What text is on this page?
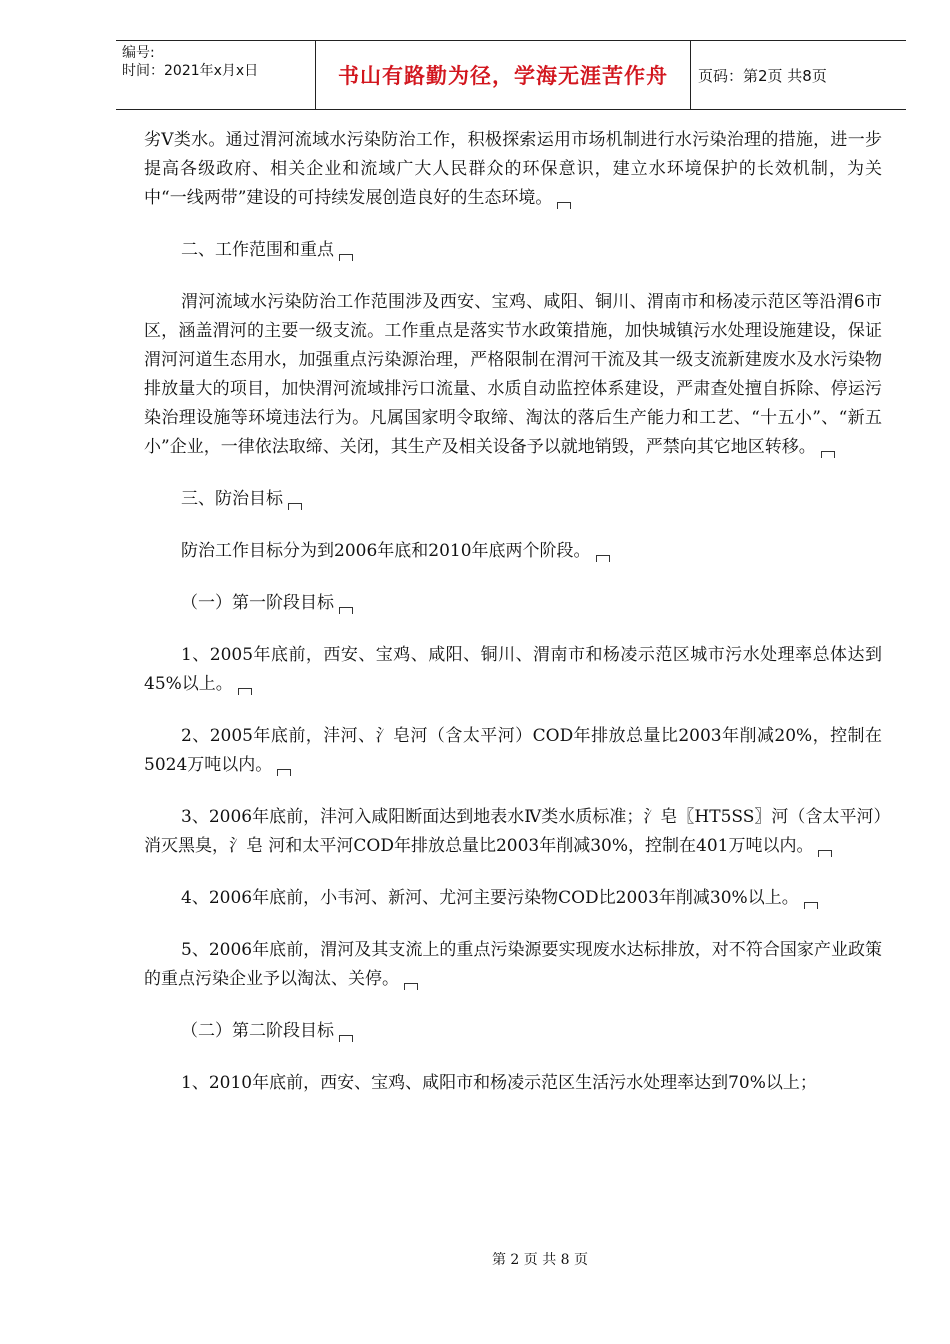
编号:
时间：2021年x月x日	书山有路勤为径，学海无涯苦作舟 页码：第2页 共8页

劣Ⅴ类水。通过渭河流域水污染防治工作，积极探索运用市场机制进行水污染治理的措施，进一步提高各级政府、相关企业和流域广大人民群众的环保意识，建立水环境保护的长效机制，为关中“一线两带”建设的可持续发展创造良好的生态环境。

二、工作范围和重点

渭河流域水污染防治工作范围涉及西安、宝鸡、咸阳、铜川、渭南市和杨凌示范区等沿渭6市区，涵盖渭河的主要一级支流。工作重点是落实节水政策措施，加快城镇污水处理设施建设，保证渭河河道生态用水，加强重点污染源治理，严格限制在渭河干流及其一级支流新建废水及水污染物排放量大的项目，加快渭河流域排污口流量、水质自动监控体系建设，严肃查处擅自拆除、停运污染治理设施等环境违法行为。凡属国家明令取缔、淘汰的落后生产能力和工艺、“十五小”、“新五小”企业，一律依法取缔、关闭，其生产及相关设备予以就地销毁，严禁向其它地区转移。

三、防治目标

防治工作目标分为到2006年底和2010年底两个阶段。

（一）第一阶段目标

1、2005年底前，西安、宝鸡、咸阳、铜川、渭南市和杨凌示范区城市污水处理率总体达到45%以上。

2、2005年底前，沣河、氵皂河（含太平河）COD年排放总量比2003年削减20%，控制在5024万吨以内。

3、2006年底前，沣河入咸阳断面达到地表水Ⅳ类水质标准；氵皂〖HT5SS〗河（含太平河）消灭黑臭，氵皂 河和太平河COD年排放总量比2003年削减30%，控制在401万吨以内。

4、2006年底前，小韦河、新河、尤河主要污染物COD比2003年削减30%以上。

5、2006年底前，渭河及其支流上的重点污染源要实现废水达标排放，对不符合国家产业政策的重点污染企业予以淘汰、关停。

（二）第二阶段目标

1、2010年底前，西安、宝鸡、咸阳市和杨凌示范区生活污水处理率达到70%以上；

第 2 页 共 8 页
